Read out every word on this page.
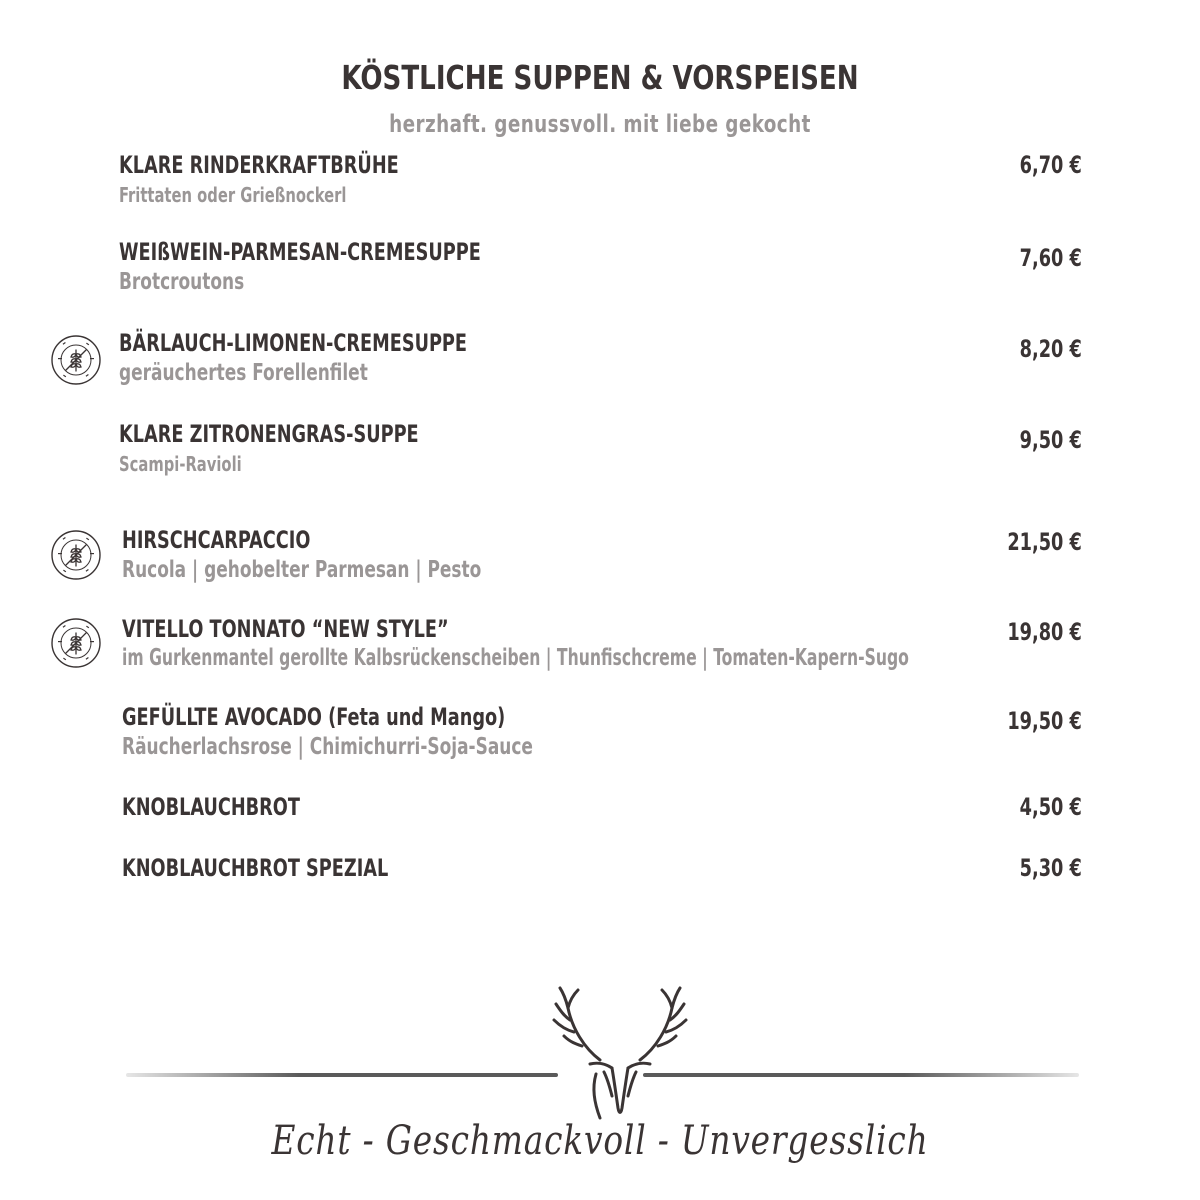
KÖSTLICHE SUPPEN & VORSPEISEN
herzhaft. genussvoll. mit liebe gekocht
KLARE RINDERKRAFTBRÜHE
Frittaten oder Grießnockerl
6,70 €
WEIßWEIN-PARMESAN-CREMESUPPE
Brotcroutons
7,60 €
BÄRLAUCH-LIMONEN-CREMESUPPE
geräuchertes Forellenfilet
8,20 €
KLARE ZITRONENGRAS-SUPPE
Scampi-Ravioli
9,50 €
HIRSCHCARPACCIO
Rucola | gehobelter Parmesan | Pesto
21,50 €
VITELLO TONNATO “NEW STYLE”
im Gurkenmantel gerollte Kalbsrückenscheiben | Thunfischcreme | Tomaten-Kapern-Sugo
19,80 €
GEFÜLLTE AVOCADO (Feta und Mango)
Räucherlachsrose | Chimichurri-Soja-Sauce
19,50 €
KNOBLAUCHBROT	4,50 €
KNOBLAUCHBROT SPEZIAL	5,30 €
Echt - Geschmackvoll - Unvergesslich
